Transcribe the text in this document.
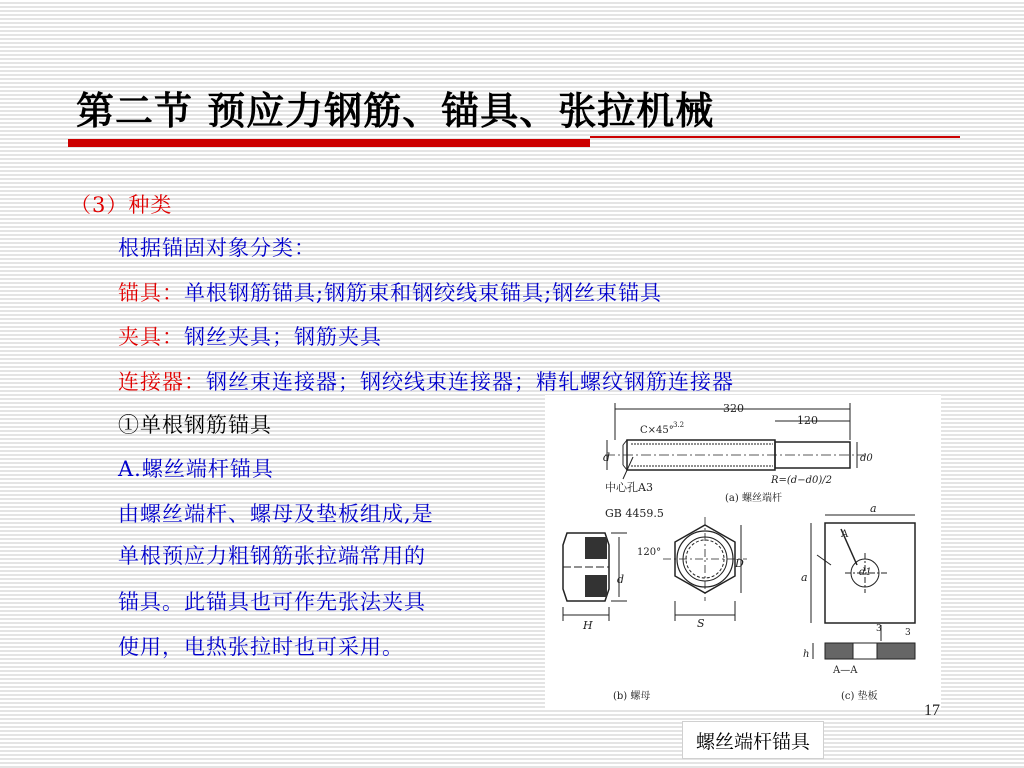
第二节 预应力钢筋、锚具、张拉机械
（3）种类
根据锚固对象分类：
锚具：单根钢筋锚具;钢筋束和钢绞线束锚具;钢丝束锚具
夹具：钢丝夹具；钢筋夹具
连接器：钢丝束连接器；钢绞线束连接器；精轧螺纹钢筋连接器
①单根钢筋锚具
A.螺丝端杆锚具
由螺丝端杆、螺母及垫板组成,是
单根预应力粗钢筋张拉端常用的
锚具。此锚具也可作先张法夹具
使用，电热张拉时也可采用。
320
120
C×45° 3.2
d	d0
中心孔A3
R=(d−d0)/2
(a) 螺丝端杆
GB 4459.5
d
120°
H
D
S
(b) 螺母
a
d1
A
a
3	3
h
A—A
(c) 垫板
17
螺丝端杆锚具
